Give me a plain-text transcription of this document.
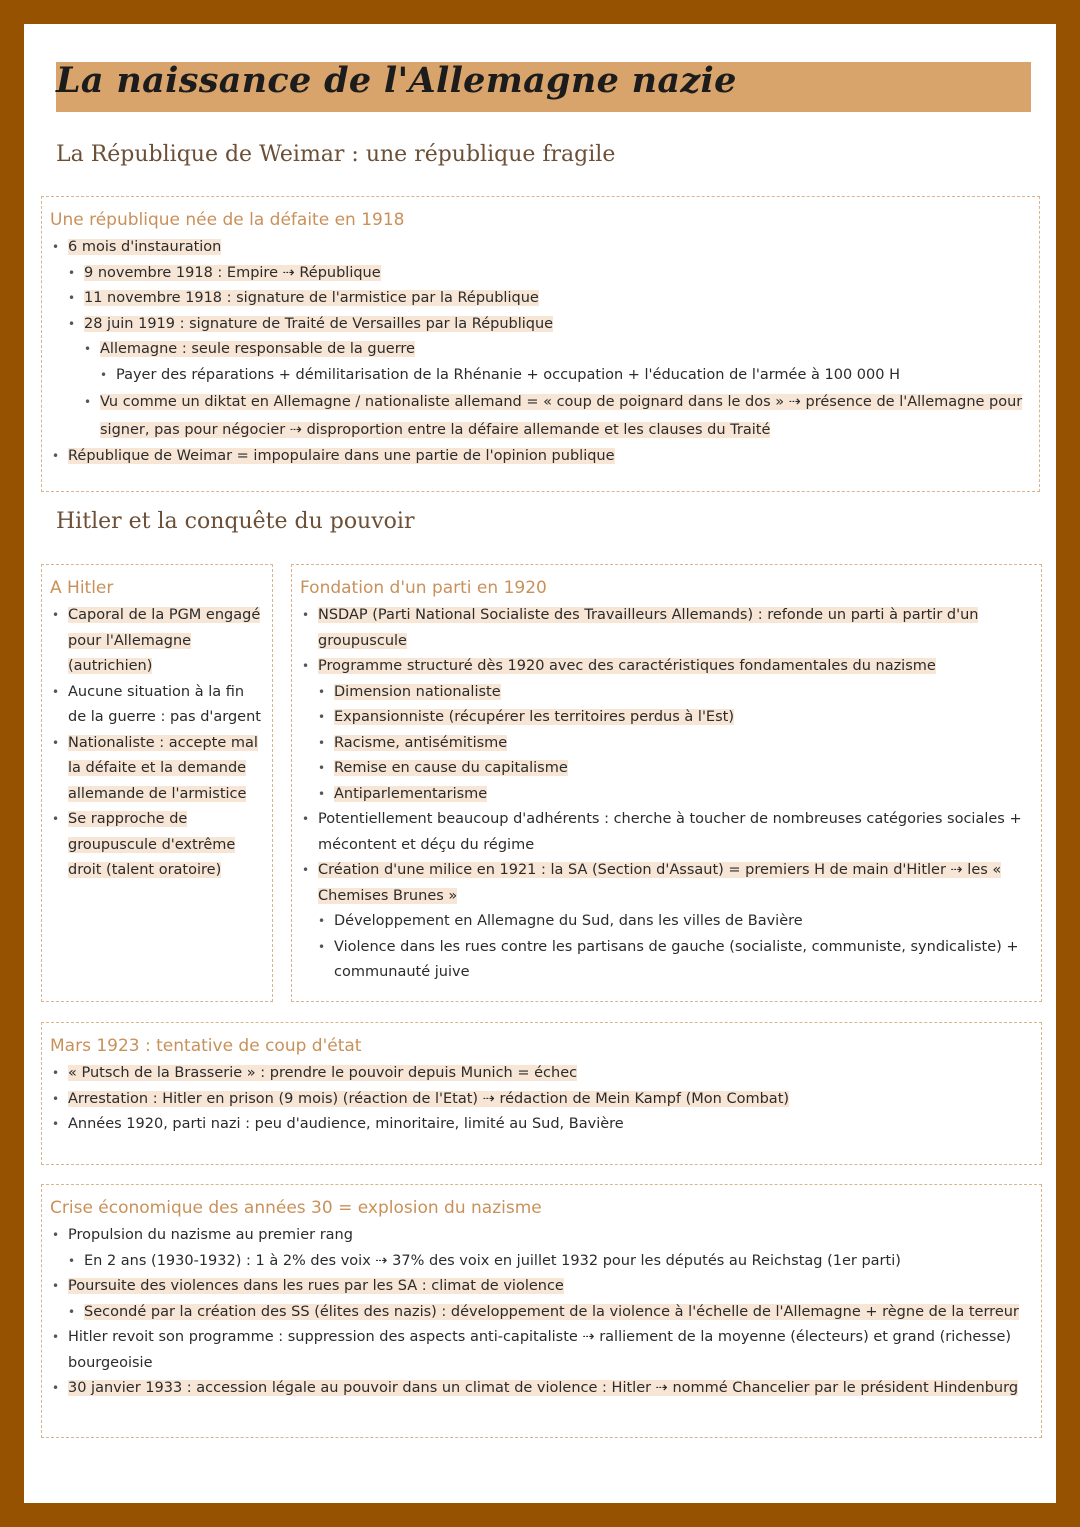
La naissance de l'Allemagne nazie
La République de Weimar : une république fragile
Une république née de la défaite en 1918
• 6 mois d'instauration
• 9 novembre 1918 : Empire ⇢ République
• 11 novembre 1918 : signature de l'armistice par la République
• 28 juin 1919 : signature de Traité de Versailles par la République
• Allemagne : seule responsable de la guerre
• Payer des réparations + démilitarisation de la Rhénanie + occupation + l'éducation de l'armée à 100 000 H
• Vu comme un diktat en Allemagne / nationaliste allemand = « coup de poignard dans le dos » ⇢ présence de l'Allemagne pour signer, pas pour négocier ⇢ disproportion entre la défaire allemande et les clauses du Traité
• République de Weimar = impopulaire dans une partie de l'opinion publique
Hitler et la conquête du pouvoir
A Hitler
• Caporal de la PGM engagé pour l'Allemagne (autrichien)
• Aucune situation à la fin de la guerre : pas d'argent
• Nationaliste : accepte mal la défaite et la demande allemande de l'armistice
• Se rapproche de groupuscule d'extrême droit (talent oratoire)
Fondation d'un parti en 1920
• NSDAP (Parti National Socialiste des Travailleurs Allemands) : refonde un parti à partir d'un groupuscule
• Programme structuré dès 1920 avec des caractéristiques fondamentales du nazisme
• Dimension nationaliste
• Expansionniste (récupérer les territoires perdus à l'Est)
• Racisme, antisémitisme
• Remise en cause du capitalisme
• Antiparlementarisme
• Potentiellement beaucoup d'adhérents : cherche à toucher de nombreuses catégories sociales + mécontent et déçu du régime
• Création d'une milice en 1921 : la SA (Section d'Assaut) = premiers H de main d'Hitler ⇢ les « Chemises Brunes »
• Développement en Allemagne du Sud, dans les villes de Bavière
• Violence dans les rues contre les partisans de gauche (socialiste, communiste, syndicaliste) + communauté juive
Mars 1923 : tentative de coup d'état
• « Putsch de la Brasserie » : prendre le pouvoir depuis Munich = échec
• Arrestation : Hitler en prison (9 mois) (réaction de l'Etat) ⇢ rédaction de Mein Kampf (Mon Combat)
• Années 1920, parti nazi : peu d'audience, minoritaire, limité au Sud, Bavière
Crise économique des années 30 = explosion du nazisme
• Propulsion du nazisme au premier rang
• En 2 ans (1930-1932) : 1 à 2% des voix ⇢ 37% des voix en juillet 1932 pour les députés au Reichstag (1er parti)
• Poursuite des violences dans les rues par les SA : climat de violence
• Secondé par la création des SS (élites des nazis) : développement de la violence à l'échelle de l'Allemagne + règne de la terreur
• Hitler revoit son programme : suppression des aspects anti-capitaliste ⇢ ralliement de la moyenne (électeurs) et grand (richesse) bourgeoisie
• 30 janvier 1933 : accession légale au pouvoir dans un climat de violence : Hitler ⇢ nommé Chancelier par le président Hindenburg
